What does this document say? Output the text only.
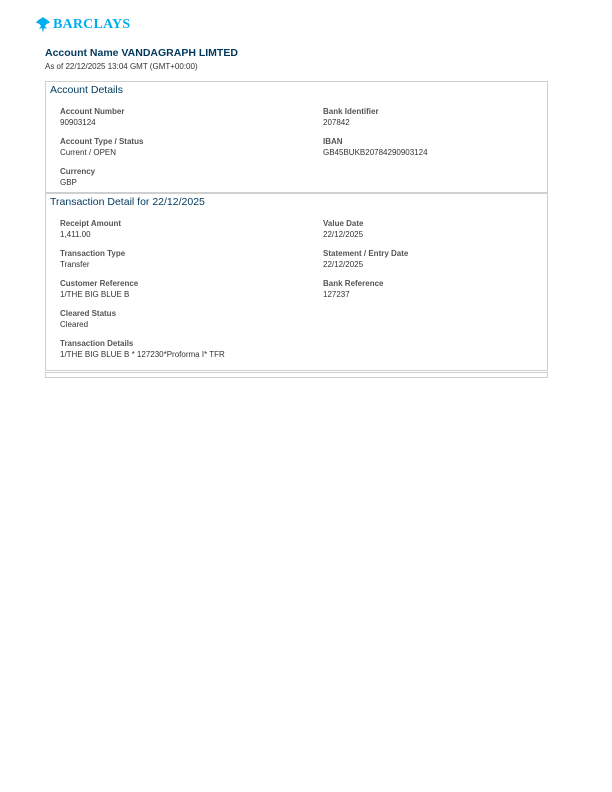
BARCLAYS
Account Name VANDAGRAPH LIMTED
As of 22/12/2025 13:04 GMT (GMT+00:00)
Account Details
Account Number
90903124
Bank Identifier
207842
Account Type / Status
Current / OPEN
IBAN
GB45BUKB20784290903124
Currency
GBP
Transaction Detail for 22/12/2025
Receipt Amount
1,411.00
Value Date
22/12/2025
Transaction Type
Transfer
Statement / Entry Date
22/12/2025
Customer Reference
1/THE BIG BLUE B
Bank Reference
127237
Cleared Status
Cleared
Transaction Details
1/THE BIG BLUE B * 127230*Proforma I* TFR
